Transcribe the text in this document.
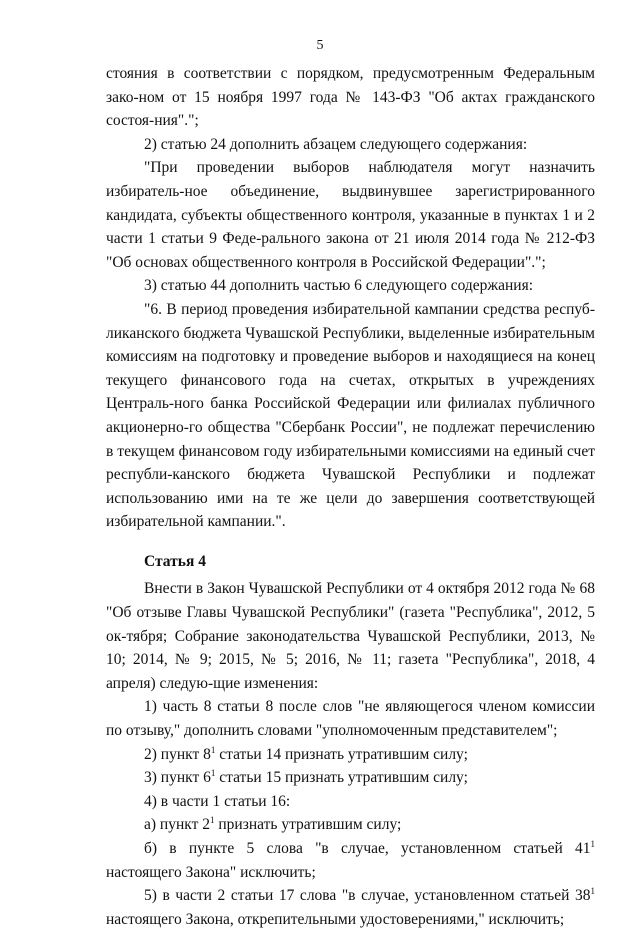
5

стояния в соответствии с порядком, предусмотренным Федеральным зако-ном от 15 ноября 1997 года № 143-ФЗ "Об актах гражданского состоя-ния".";

2) статью 24 дополнить абзацем следующего содержания:

"При проведении выборов наблюдателя могут назначить избиратель-ное объединение, выдвинувшее зарегистрированного кандидата, субъекты общественного контроля, указанные в пунктах 1 и 2 части 1 статьи 9 Феде-рального закона от 21 июля 2014 года № 212-ФЗ "Об основах общественного контроля в Российской Федерации".";

3) статью 44 дополнить частью 6 следующего содержания:

"6. В период проведения избирательной кампании средства респуб-ликанского бюджета Чувашской Республики, выделенные избирательным комиссиям на подготовку и проведение выборов и находящиеся на конец текущего финансового года на счетах, открытых в учреждениях Централь-ного банка Российской Федерации или филиалах публичного акционерно-го общества "Сбербанк России", не подлежат перечислению в текущем финансовом году избирательными комиссиями на единый счет республи-канского бюджета Чувашской Республики и подлежат использованию ими на те же цели до завершения соответствующей избирательной кампании.".

Статья 4

Внести в Закон Чувашской Республики от 4 октября 2012 года № 68 "Об отзыве Главы Чувашской Республики" (газета "Республика", 2012, 5 ок-тября; Собрание законодательства Чувашской Республики, 2013, № 10; 2014, № 9; 2015, № 5; 2016, № 11; газета "Республика", 2018, 4 апреля) следую-щие изменения:

1) часть 8 статьи 8 после слов "не являющегося членом комиссии по отзыву," дополнить словами "уполномоченным представителем";

2) пункт $8^1$ статьи 14 признать утратившим силу;

3) пункт $6^1$ статьи 15 признать утратившим силу;

4) в части 1 статьи 16:

а) пункт $2^1$ признать утратившим силу;

б) в пункте 5 слова "в случае, установленном статьей $41^1$ настоящего Закона" исключить;

5) в части 2 статьи 17 слова "в случае, установленном статьей $38^1$ настоящего Закона, открепительными удостоверениями," исключить;
